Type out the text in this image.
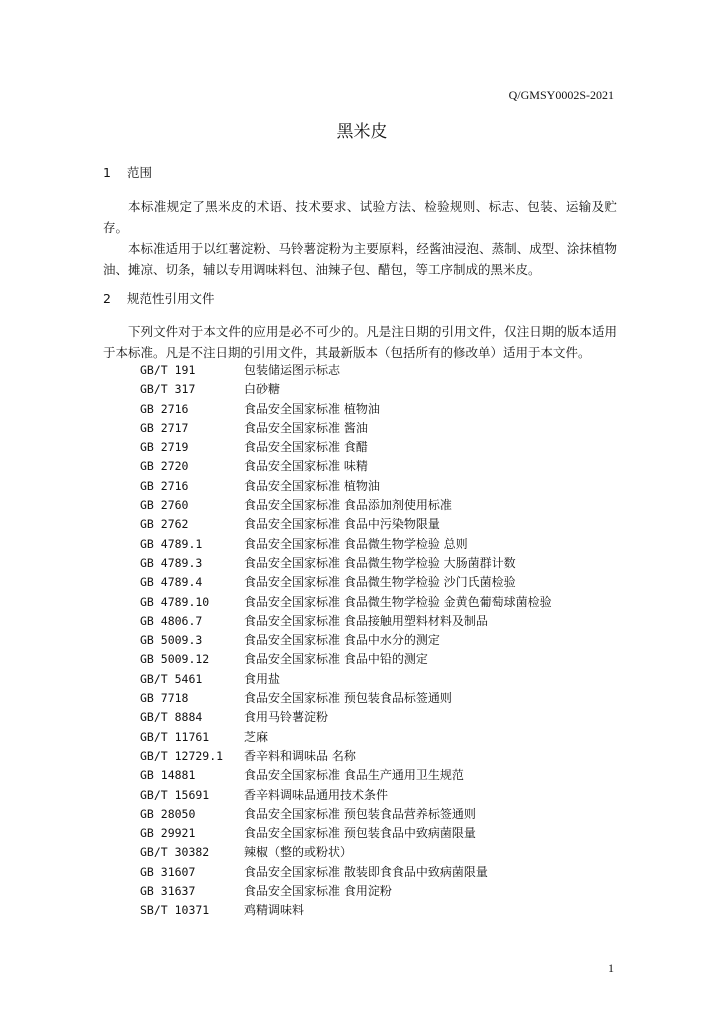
Q/GMSY0002S-2021
黑米皮
1 范围
本标准规定了黑米皮的术语、技术要求、试验方法、检验规则、标志、包装、运输及贮存。
本标准适用于以红薯淀粉、马铃薯淀粉为主要原料，经酱油浸泡、蒸制、成型、涂抹植物油、摊凉、切条，辅以专用调味料包、油辣子包、醋包，等工序制成的黑米皮。
2 规范性引用文件
下列文件对于本文件的应用是必不可少的。凡是注日期的引用文件，仅注日期的版本适用于本标准。凡是不注日期的引用文件，其最新版本（包括所有的修改单）适用于本文件。
GB/T 191	包装储运图示标志
GB/T 317	白砂糖
GB 2716	食品安全国家标准 植物油
GB 2717	食品安全国家标准 酱油
GB 2719	食品安全国家标准 食醋
GB 2720	食品安全国家标准 味精
GB 2716	食品安全国家标准 植物油
GB 2760	食品安全国家标准 食品添加剂使用标准
GB 2762	食品安全国家标准 食品中污染物限量
GB 4789.1	食品安全国家标准 食品微生物学检验 总则
GB 4789.3	食品安全国家标准 食品微生物学检验 大肠菌群计数
GB 4789.4	食品安全国家标准 食品微生物学检验 沙门氏菌检验
GB 4789.10	食品安全国家标准 食品微生物学检验 金黄色葡萄球菌检验
GB 4806.7	食品安全国家标准 食品接触用塑料材料及制品
GB 5009.3	食品安全国家标准 食品中水分的测定
GB 5009.12	食品安全国家标准 食品中铅的测定
GB/T 5461	食用盐
GB 7718	食品安全国家标准 预包装食品标签通则
GB/T 8884	食用马铃薯淀粉
GB/T 11761	芝麻
GB/T 12729.1 香辛料和调味品 名称
GB 14881	食品安全国家标准 食品生产通用卫生规范
GB/T 15691	香辛料调味品通用技术条件
GB 28050	食品安全国家标准 预包装食品营养标签通则
GB 29921	食品安全国家标准 预包装食品中致病菌限量
GB/T 30382	辣椒（整的或粉状）
GB 31607	食品安全国家标准 散装即食食品中致病菌限量
GB 31637	食品安全国家标准 食用淀粉
SB/T 10371	鸡精调味料
1
